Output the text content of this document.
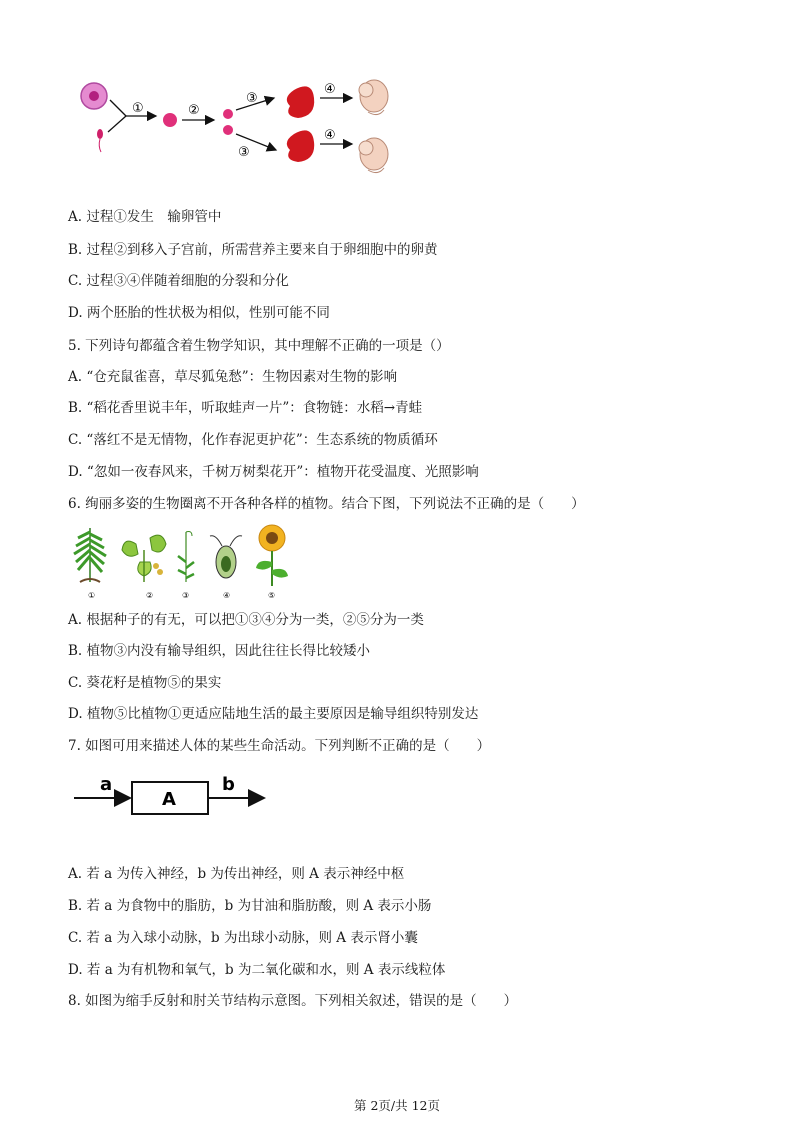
①	②
③
③
④
④
A. 过程①发生　输卵管中
B. 过程②到移入子宫前，所需营养主要来自于卵细胞中的卵黄
C. 过程③④伴随着细胞的分裂和分化
D. 两个胚胎的性状极为相似，性别可能不同
5. 下列诗句都蕴含着生物学知识，其中理解不正确的一项是（）
A. “仓充鼠雀喜，草尽狐兔愁”：生物因素对生物的影响
B. “稻花香里说丰年，听取蛙声一片”：食物链：水稻→青蛙
C. “落红不是无情物，化作春泥更护花”：生态系统的物质循环
D. “忽如一夜春风来，千树万树梨花开”：植物开花受温度、光照影响
6. 绚丽多姿的生物圈离不开各种各样的植物。结合下图，下列说法不正确的是（　　）
①	②	③	④	⑤
A. 根据种子的有无，可以把①③④分为一类，②⑤分为一类
B. 植物③内没有输导组织，因此往往长得比较矮小
C. 葵花籽是植物⑤的果实
D. 植物⑤比植物①更适应陆地生活的最主要原因是输导组织特别发达
7. 如图可用来描述人体的某些生命活动。下列判断不正确的是（　　）
a
A
b
A. 若 a 为传入神经，b 为传出神经，则 A 表示神经中枢
B. 若 a 为食物中的脂肪，b 为甘油和脂肪酸，则 A 表示小肠
C. 若 a 为入球小动脉，b 为出球小动脉，则 A 表示肾小囊
D. 若 a 为有机物和氧气，b 为二氧化碳和水，则 A 表示线粒体
8. 如图为缩手反射和肘关节结构示意图。下列相关叙述，错误的是（　　）
第 2页/共 12页
